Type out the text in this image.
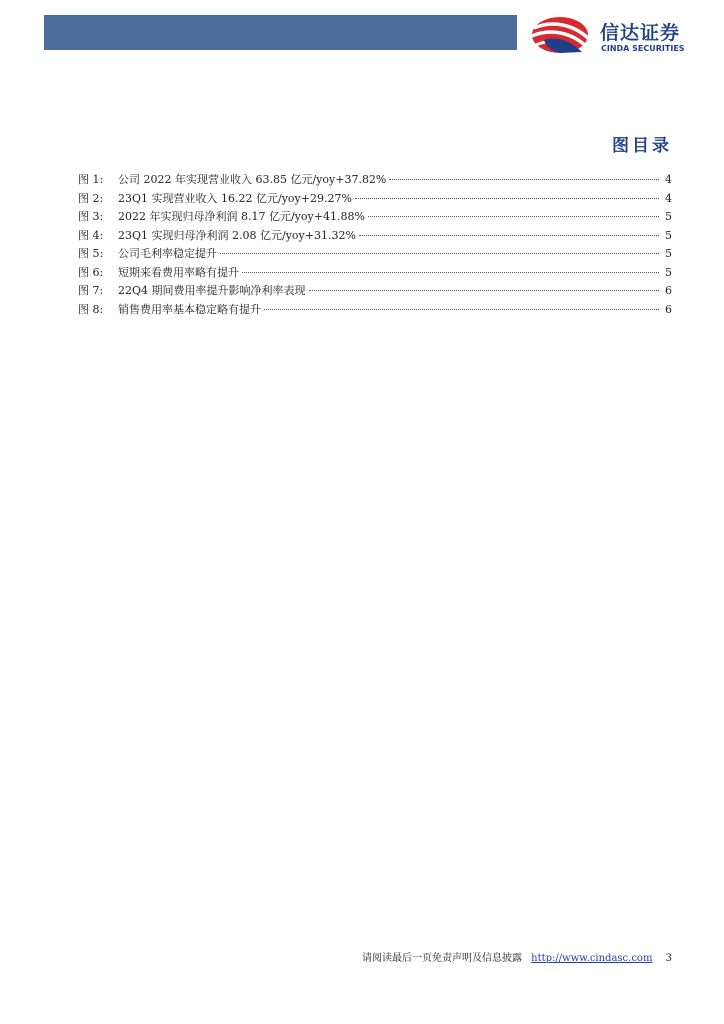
信达证券
CINDA SECURITIES
图目录
图 1:	公司 2022 年实现营业收入 63.85 亿元/yoy+37.82%	4
图 2:	23Q1 实现营业收入 16.22 亿元/yoy+29.27%	4
图 3:	2022 年实现归母净利润 8.17 亿元/yoy+41.88%	5
图 4:	23Q1 实现归母净利润 2.08 亿元/yoy+31.32%	5
图 5:	公司毛利率稳定提升	5
图 6:	短期来看费用率略有提升	5
图 7:	22Q4 期间费用率提升影响净利率表现	6
图 8:	销售费用率基本稳定略有提升	6
请阅读最后一页免责声明及信息披露 http://www.cindasc.com 3
